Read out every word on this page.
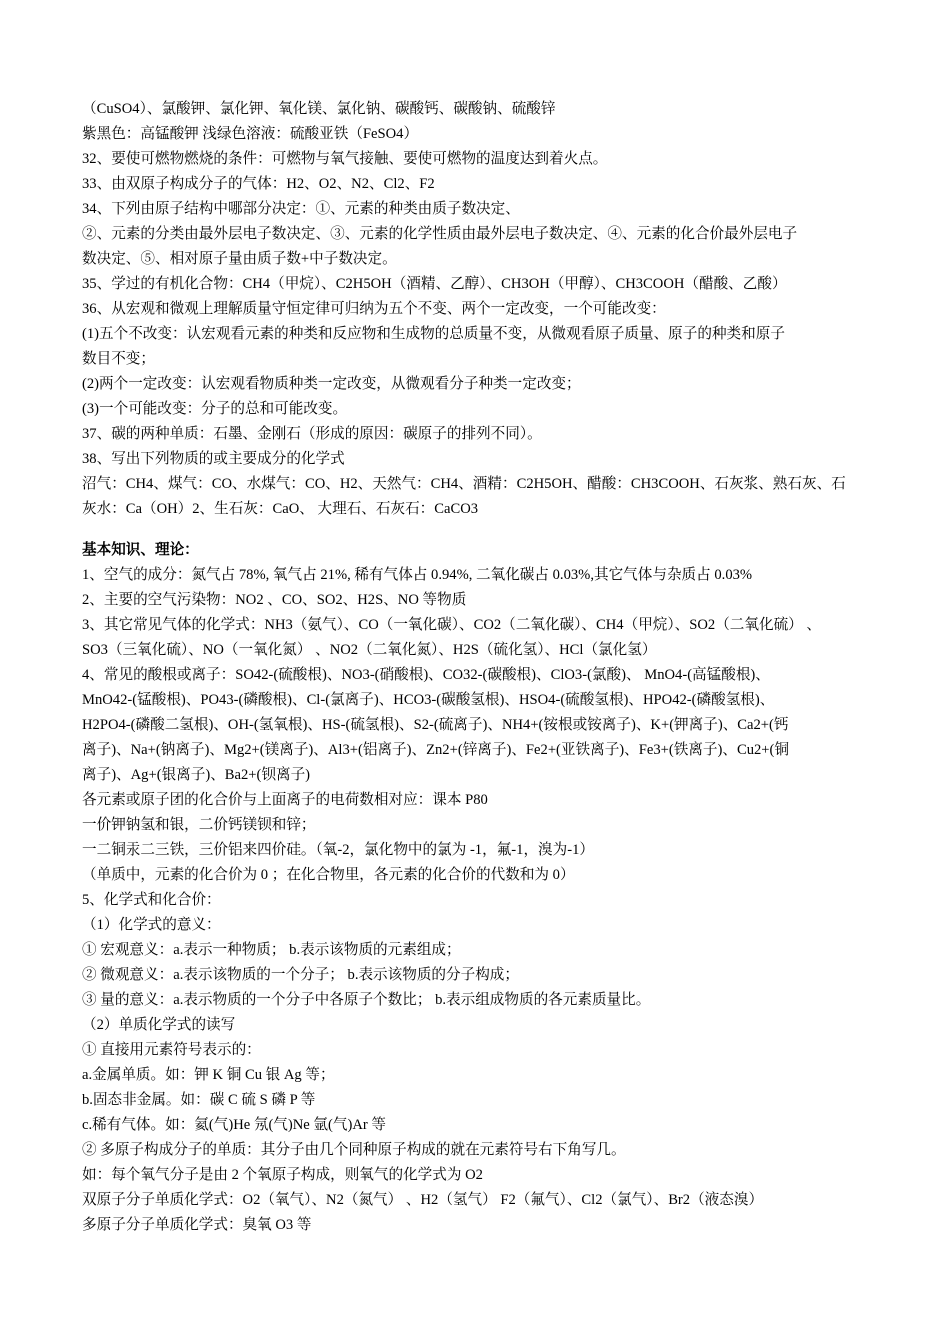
（CuSO4）、氯酸钾、氯化钾、氧化镁、氯化钠、碳酸钙、碳酸钠、硫酸锌
紫黑色：高锰酸钾 浅绿色溶液：硫酸亚铁（FeSO4）
32、要使可燃物燃烧的条件：可燃物与氧气接触、要使可燃物的温度达到着火点。
33、由双原子构成分子的气体：H2、O2、N2、Cl2、F2
34、下列由原子结构中哪部分决定：①、元素的种类由质子数决定、
②、元素的分类由最外层电子数决定、③、元素的化学性质由最外层电子数决定、④、元素的化合价最外层电子
数决定、⑤、相对原子量由质子数+中子数决定。
35、学过的有机化合物：CH4（甲烷）、C2H5OH（酒精、乙醇）、CH3OH（甲醇）、CH3COOH（醋酸、乙酸）
36、从宏观和微观上理解质量守恒定律可归纳为五个不变、两个一定改变，一个可能改变：
(1)五个不改变：认宏观看元素的种类和反应物和生成物的总质量不变，从微观看原子质量、原子的种类和原子
数目不变；
(2)两个一定改变：认宏观看物质种类一定改变，从微观看分子种类一定改变；
(3)一个可能改变：分子的总和可能改变。
37、碳的两种单质：石墨、金刚石（形成的原因：碳原子的排列不同）。
38、写出下列物质的或主要成分的化学式
沼气：CH4、煤气：CO、水煤气：CO、H2、天然气：CH4、酒精：C2H5OH、醋酸：CH3COOH、石灰浆、熟石灰、石
灰水：Ca（OH）2、生石灰：CaO、 大理石、石灰石：CaCO3
基本知识、理论：
1、空气的成分：氮气占 78%, 氧气占 21%, 稀有气体占 0.94%, 二氧化碳占 0.03%,其它气体与杂质占 0.03%
2、主要的空气污染物：NO2 、CO、SO2、H2S、NO 等物质
3、其它常见气体的化学式：NH3（氨气）、CO（一氧化碳）、CO2（二氧化碳）、CH4（甲烷）、SO2（二氧化硫） 、
SO3（三氧化硫）、NO（一氧化氮） 、NO2（二氧化氮）、H2S（硫化氢）、HCl（氯化氢）
4、常见的酸根或离子：SO42-(硫酸根)、NO3-(硝酸根)、CO32-(碳酸根)、ClO3-(氯酸)、 MnO4-(高锰酸根)、
MnO42-(锰酸根)、PO43-(磷酸根)、Cl-(氯离子)、HCO3-(碳酸氢根)、HSO4-(硫酸氢根)、HPO42-(磷酸氢根)、
H2PO4-(磷酸二氢根)、OH-(氢氧根)、HS-(硫氢根)、S2-(硫离子)、NH4+(铵根或铵离子)、K+(钾离子)、Ca2+(钙
离子)、Na+(钠离子)、Mg2+(镁离子)、Al3+(铝离子)、Zn2+(锌离子)、Fe2+(亚铁离子)、Fe3+(铁离子)、Cu2+(铜
离子)、Ag+(银离子)、Ba2+(钡离子)
各元素或原子团的化合价与上面离子的电荷数相对应：课本 P80
一价钾钠氢和银，二价钙镁钡和锌；
一二铜汞二三铁，三价铝来四价硅。（氧-2，氯化物中的氯为 -1，氟-1，溴为-1）
（单质中，元素的化合价为 0 ；在化合物里，各元素的化合价的代数和为 0）
5、化学式和化合价：
（1）化学式的意义：
① 宏观意义：a.表示一种物质； b.表示该物质的元素组成；
② 微观意义：a.表示该物质的一个分子； b.表示该物质的分子构成；
③ 量的意义：a.表示物质的一个分子中各原子个数比； b.表示组成物质的各元素质量比。
（2）单质化学式的读写
① 直接用元素符号表示的：
a.金属单质。如：钾 K 铜 Cu 银 Ag 等；
b.固态非金属。如：碳 C 硫 S 磷 P 等
c.稀有气体。如：氦(气)He 氖(气)Ne 氩(气)Ar 等
② 多原子构成分子的单质：其分子由几个同种原子构成的就在元素符号右下角写几。
如：每个氧气分子是由 2 个氧原子构成，则氧气的化学式为 O2
双原子分子单质化学式：O2（氧气）、N2（氮气） 、H2（氢气） F2（氟气）、Cl2（氯气）、Br2（液态溴）
多原子分子单质化学式：臭氧 O3 等
